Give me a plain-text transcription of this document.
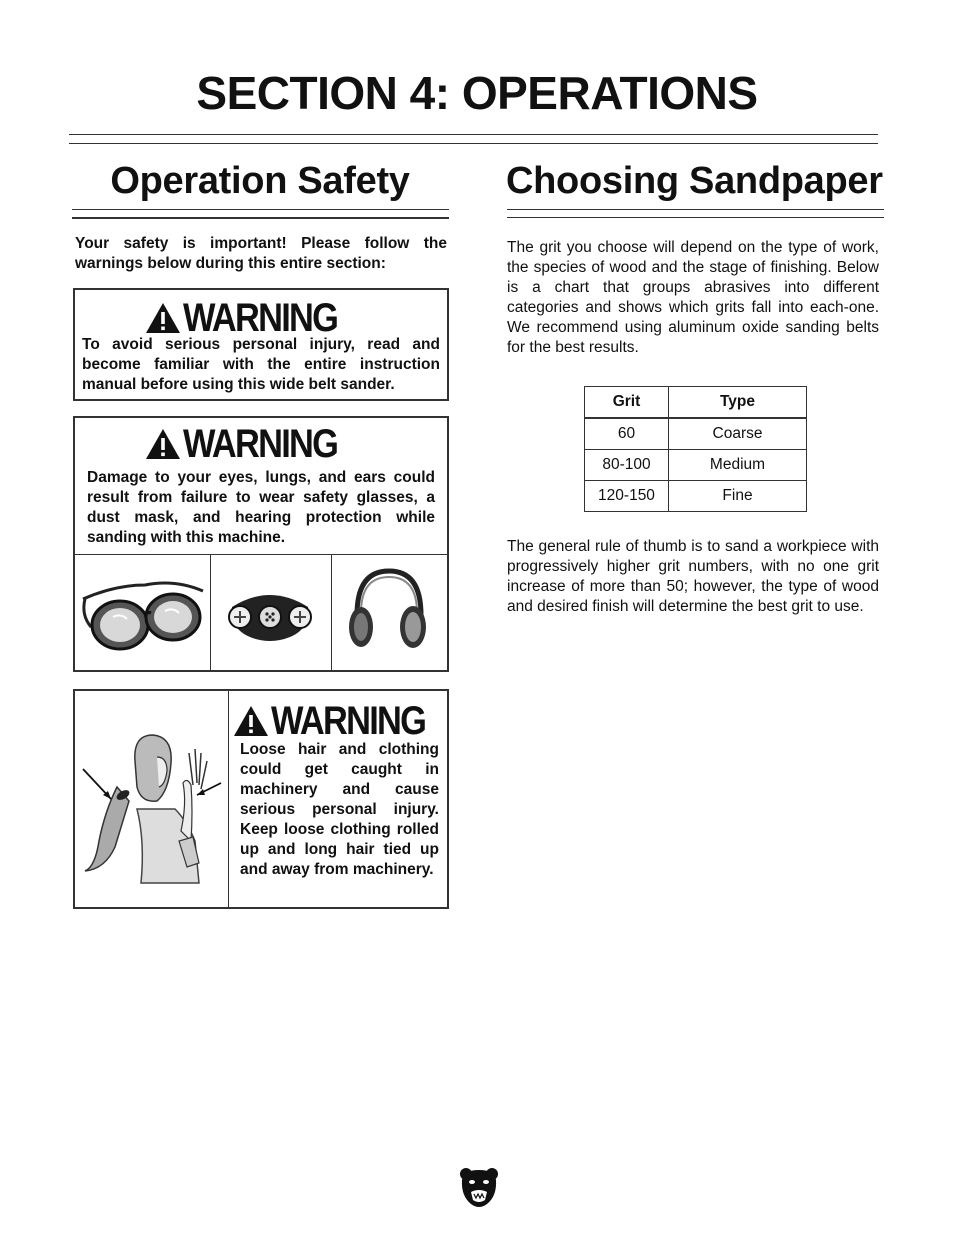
SECTION 4: OPERATIONS
Operation Safety
Your safety is important! Please follow the warnings below during this entire section:
WARNING
To avoid serious personal injury, read and become familiar with the entire instruction manual before using this wide belt sander.
WARNING
Damage to your eyes, lungs, and ears could result from failure to wear safety glasses, a dust mask, and hearing protection while sanding with this machine.
WARNING
Loose hair and clothing could get caught in machinery and cause serious personal injury. Keep loose clothing rolled up and long hair tied up and away from machinery.
Choosing Sandpaper
The grit you choose will depend on the type of work, the species of wood and the stage of finishing. Below is a chart that groups abrasives into different categories and shows which grits fall into each-one. We recommend using aluminum oxide sanding belts for the best results.
Grit	Type
60	Coarse
80-100	Medium
120-150	Fine
The general rule of thumb is to sand a workpiece with progressively higher grit numbers, with no one grit increase of more than 50; however, the type of wood and desired finish will determine the best grit to use.
